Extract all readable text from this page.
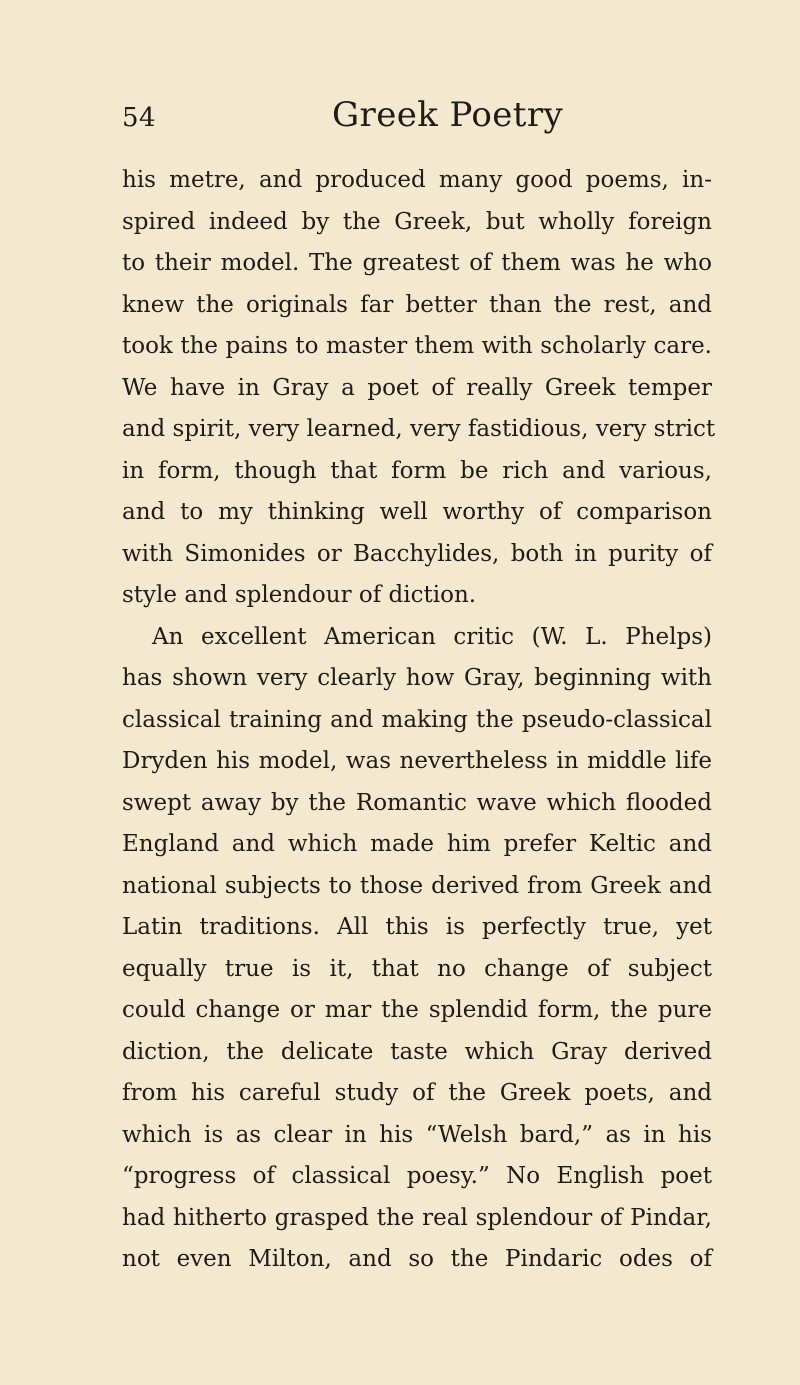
54	Greek Poetry

his metre, and produced many good poems, in-

spired indeed by the Greek, but wholly foreign

to their model. The greatest of them was he who

knew the originals far better than the rest, and

took the pains to master them with scholarly care.

We have in Gray a poet of really Greek temper

and spirit, very learned, very fastidious, very strict

in form, though that form be rich and various,

and to my thinking well worthy of comparison

with Simonides or Bacchylides, both in purity of

style and splendour of diction.

An excellent American critic (W. L. Phelps)

has shown very clearly how Gray, beginning with

classical training and making the pseudo-classical

Dryden his model, was nevertheless in middle life

swept away by the Romantic wave which flooded

England and which made him prefer Keltic and

national subjects to those derived from Greek and

Latin traditions. All this is perfectly true, yet

equally true is it, that no change of subject

could change or mar the splendid form, the pure

diction, the delicate taste which Gray derived

from his careful study of the Greek poets, and

which is as clear in his “Welsh bard,” as in his

“progress of classical poesy.” No English poet

had hitherto grasped the real splendour of Pindar,

not even Milton, and so the Pindaric odes of
